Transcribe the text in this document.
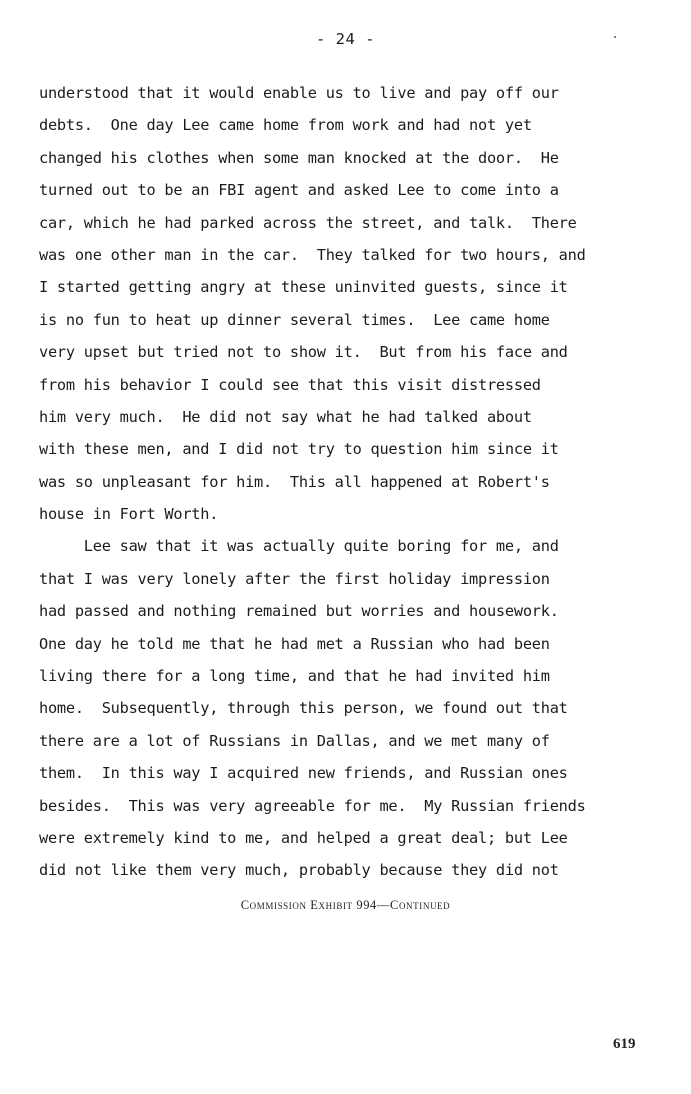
- 24 -
understood that it would enable us to live and pay off our
debts.  One day Lee came home from work and had not yet
changed his clothes when some man knocked at the door.  He
turned out to be an FBI agent and asked Lee to come into a
car, which he had parked across the street, and talk.  There
was one other man in the car.  They talked for two hours, and
I started getting angry at these uninvited guests, since it
is no fun to heat up dinner several times.  Lee came home
very upset but tried not to show it.  But from his face and
from his behavior I could see that this visit distressed
him very much.  He did not say what he had talked about
with these men, and I did not try to question him since it
was so unpleasant for him.  This all happened at Robert's
house in Fort Worth.
Lee saw that it was actually quite boring for me, and
that I was very lonely after the first holiday impression
had passed and nothing remained but worries and housework.
One day he told me that he had met a Russian who had been
living there for a long time, and that he had invited him
home.  Subsequently, through this person, we found out that
there are a lot of Russians in Dallas, and we met many of
them.  In this way I acquired new friends, and Russian ones
besides.  This was very agreeable for me.  My Russian friends
were extremely kind to me, and helped a great deal; but Lee
did not like them very much, probably because they did not
Commission Exhibit 994—Continued
619
